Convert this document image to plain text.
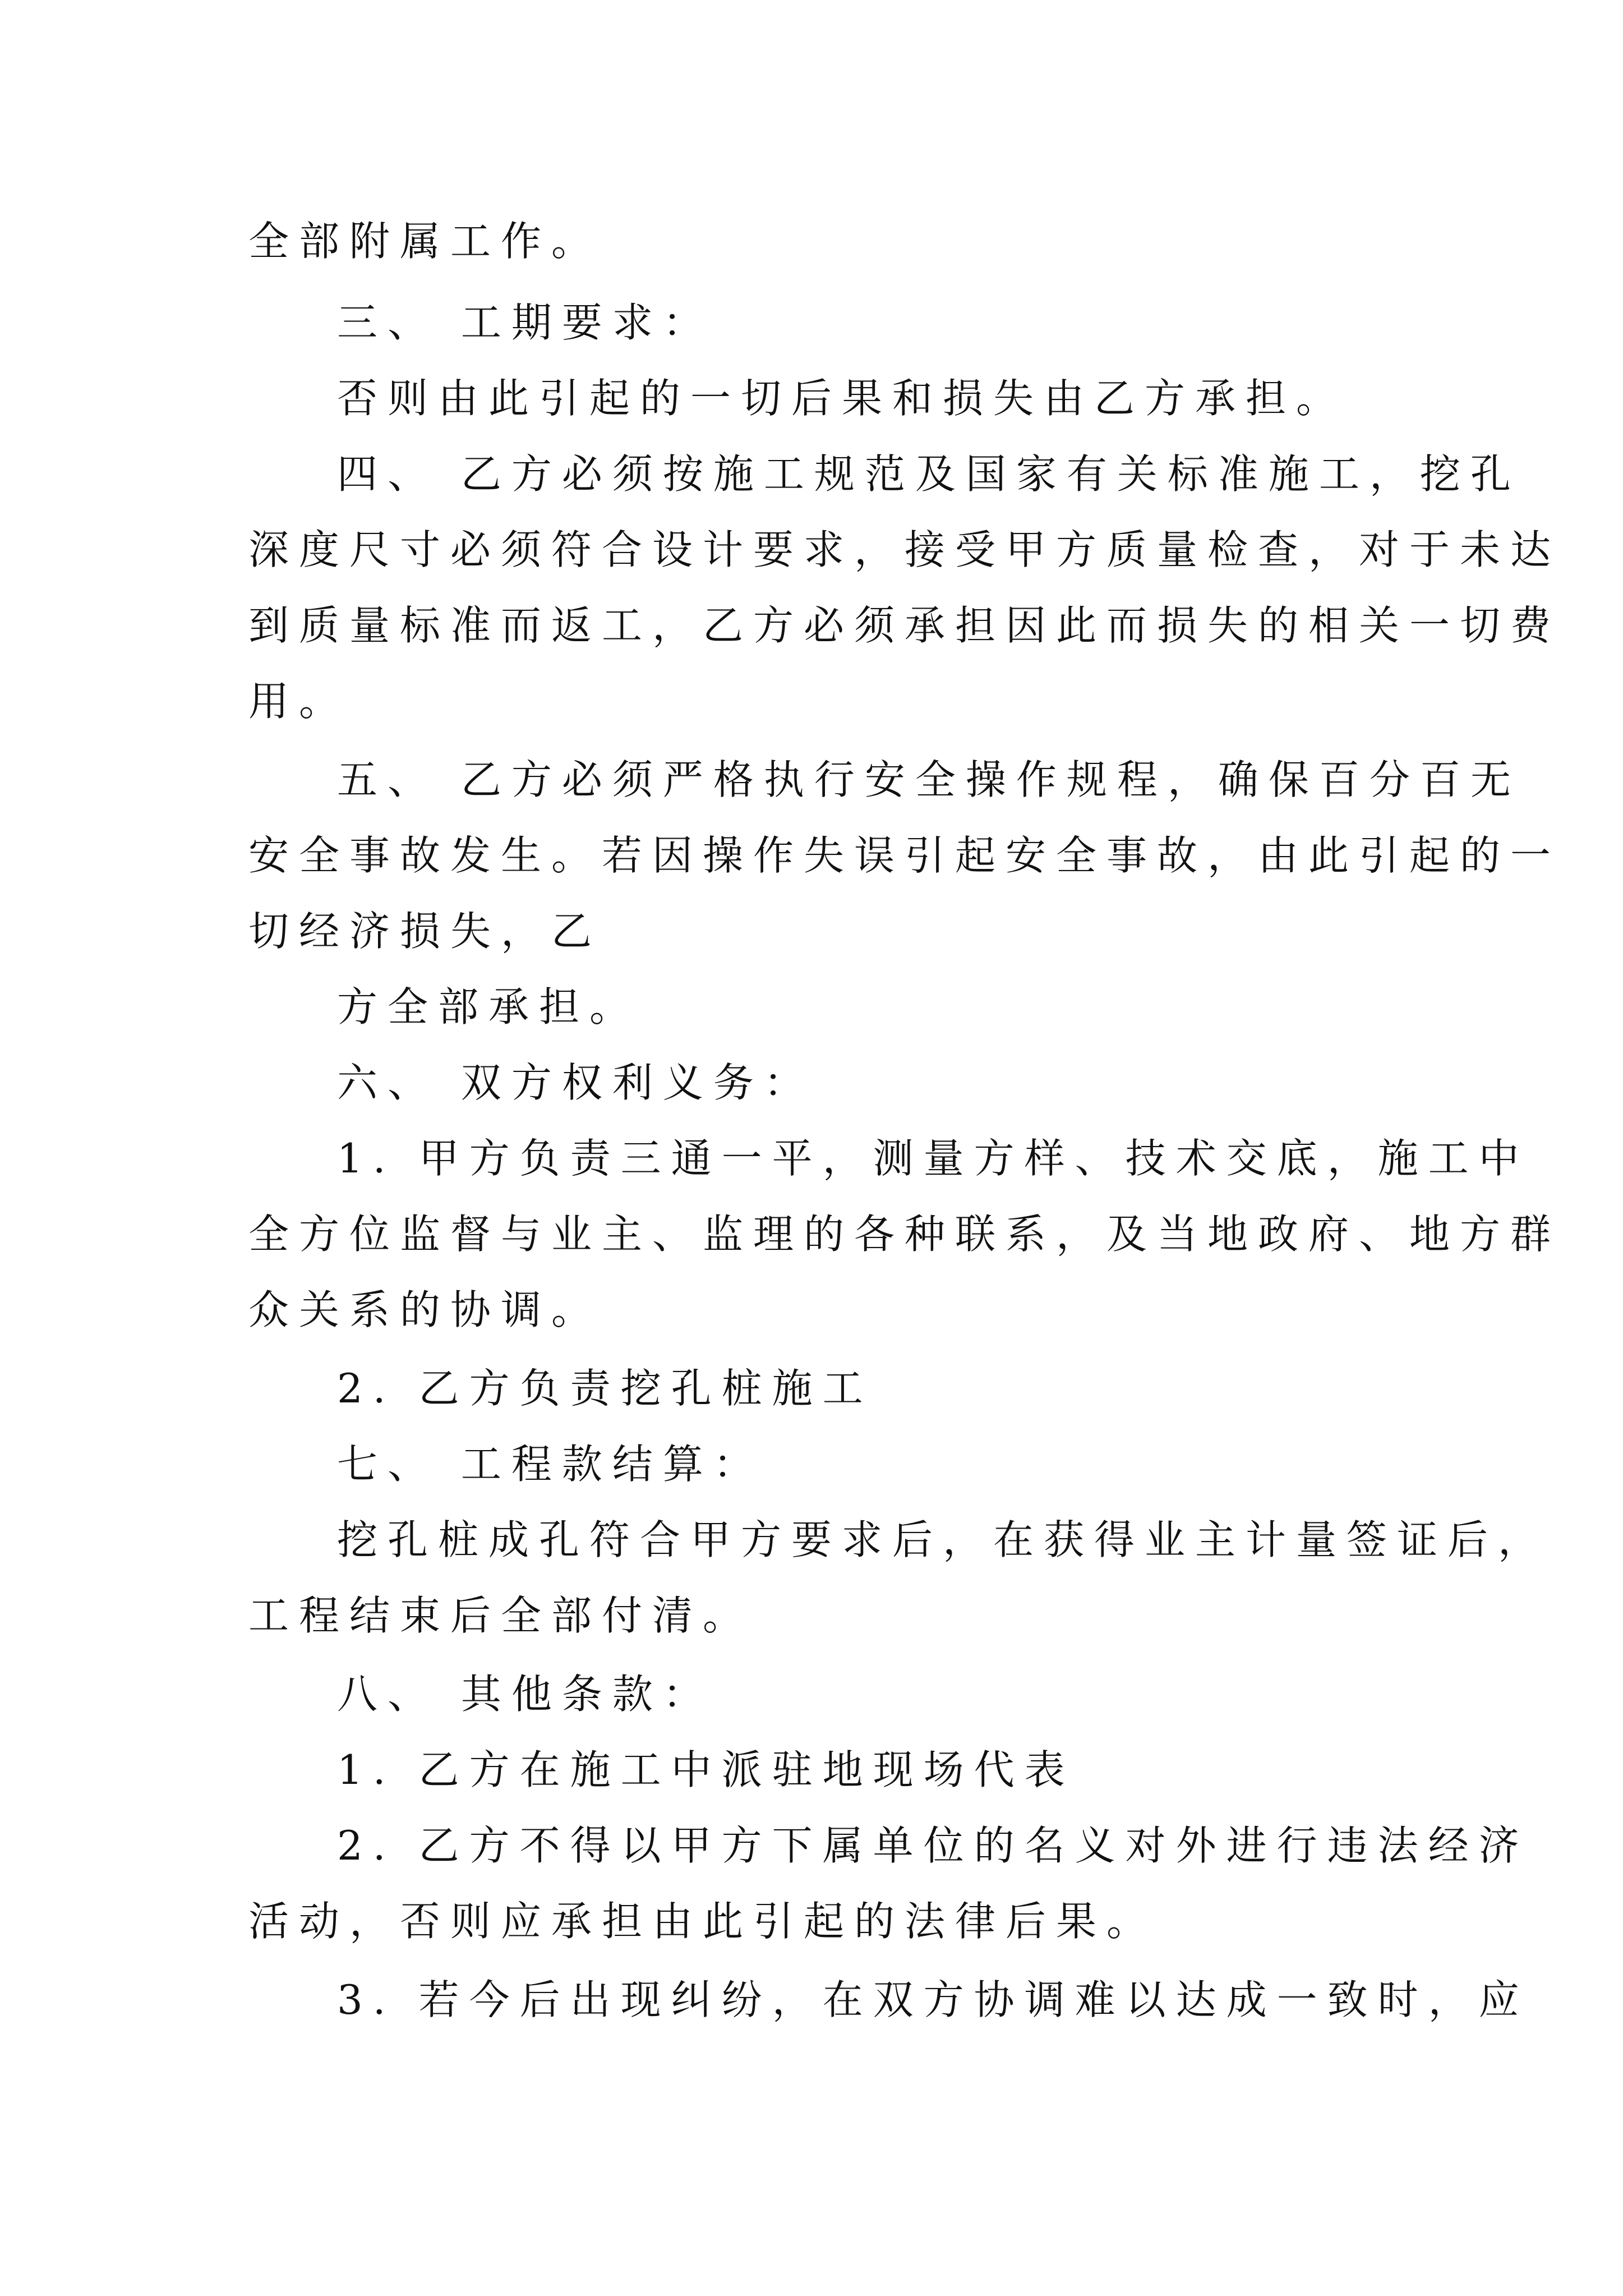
全部附属工作。

三、 工期要求：

否则由此引起的一切后果和损失由乙方承担。

四、 乙方必须按施工规范及国家有关标准施工，挖孔

深度尺寸必须符合设计要求，接受甲方质量检查，对于未达

到质量标准而返工，乙方必须承担因此而损失的相关一切费

用。

五、 乙方必须严格执行安全操作规程，确保百分百无

安全事故发生。若因操作失误引起安全事故，由此引起的一

切经济损失，乙

方全部承担。

六、 双方权利义务：

1. 甲方负责三通一平，测量方样、技术交底，施工中

全方位监督与业主、监理的各种联系，及当地政府、地方群

众关系的协调。

2. 乙方负责挖孔桩施工

七、 工程款结算：

挖孔桩成孔符合甲方要求后，在获得业主计量签证后，

工程结束后全部付清。

八、 其他条款：

1. 乙方在施工中派驻地现场代表

2. 乙方不得以甲方下属单位的名义对外进行违法经济

活动，否则应承担由此引起的法律后果。

3. 若今后出现纠纷，在双方协调难以达成一致时，应
